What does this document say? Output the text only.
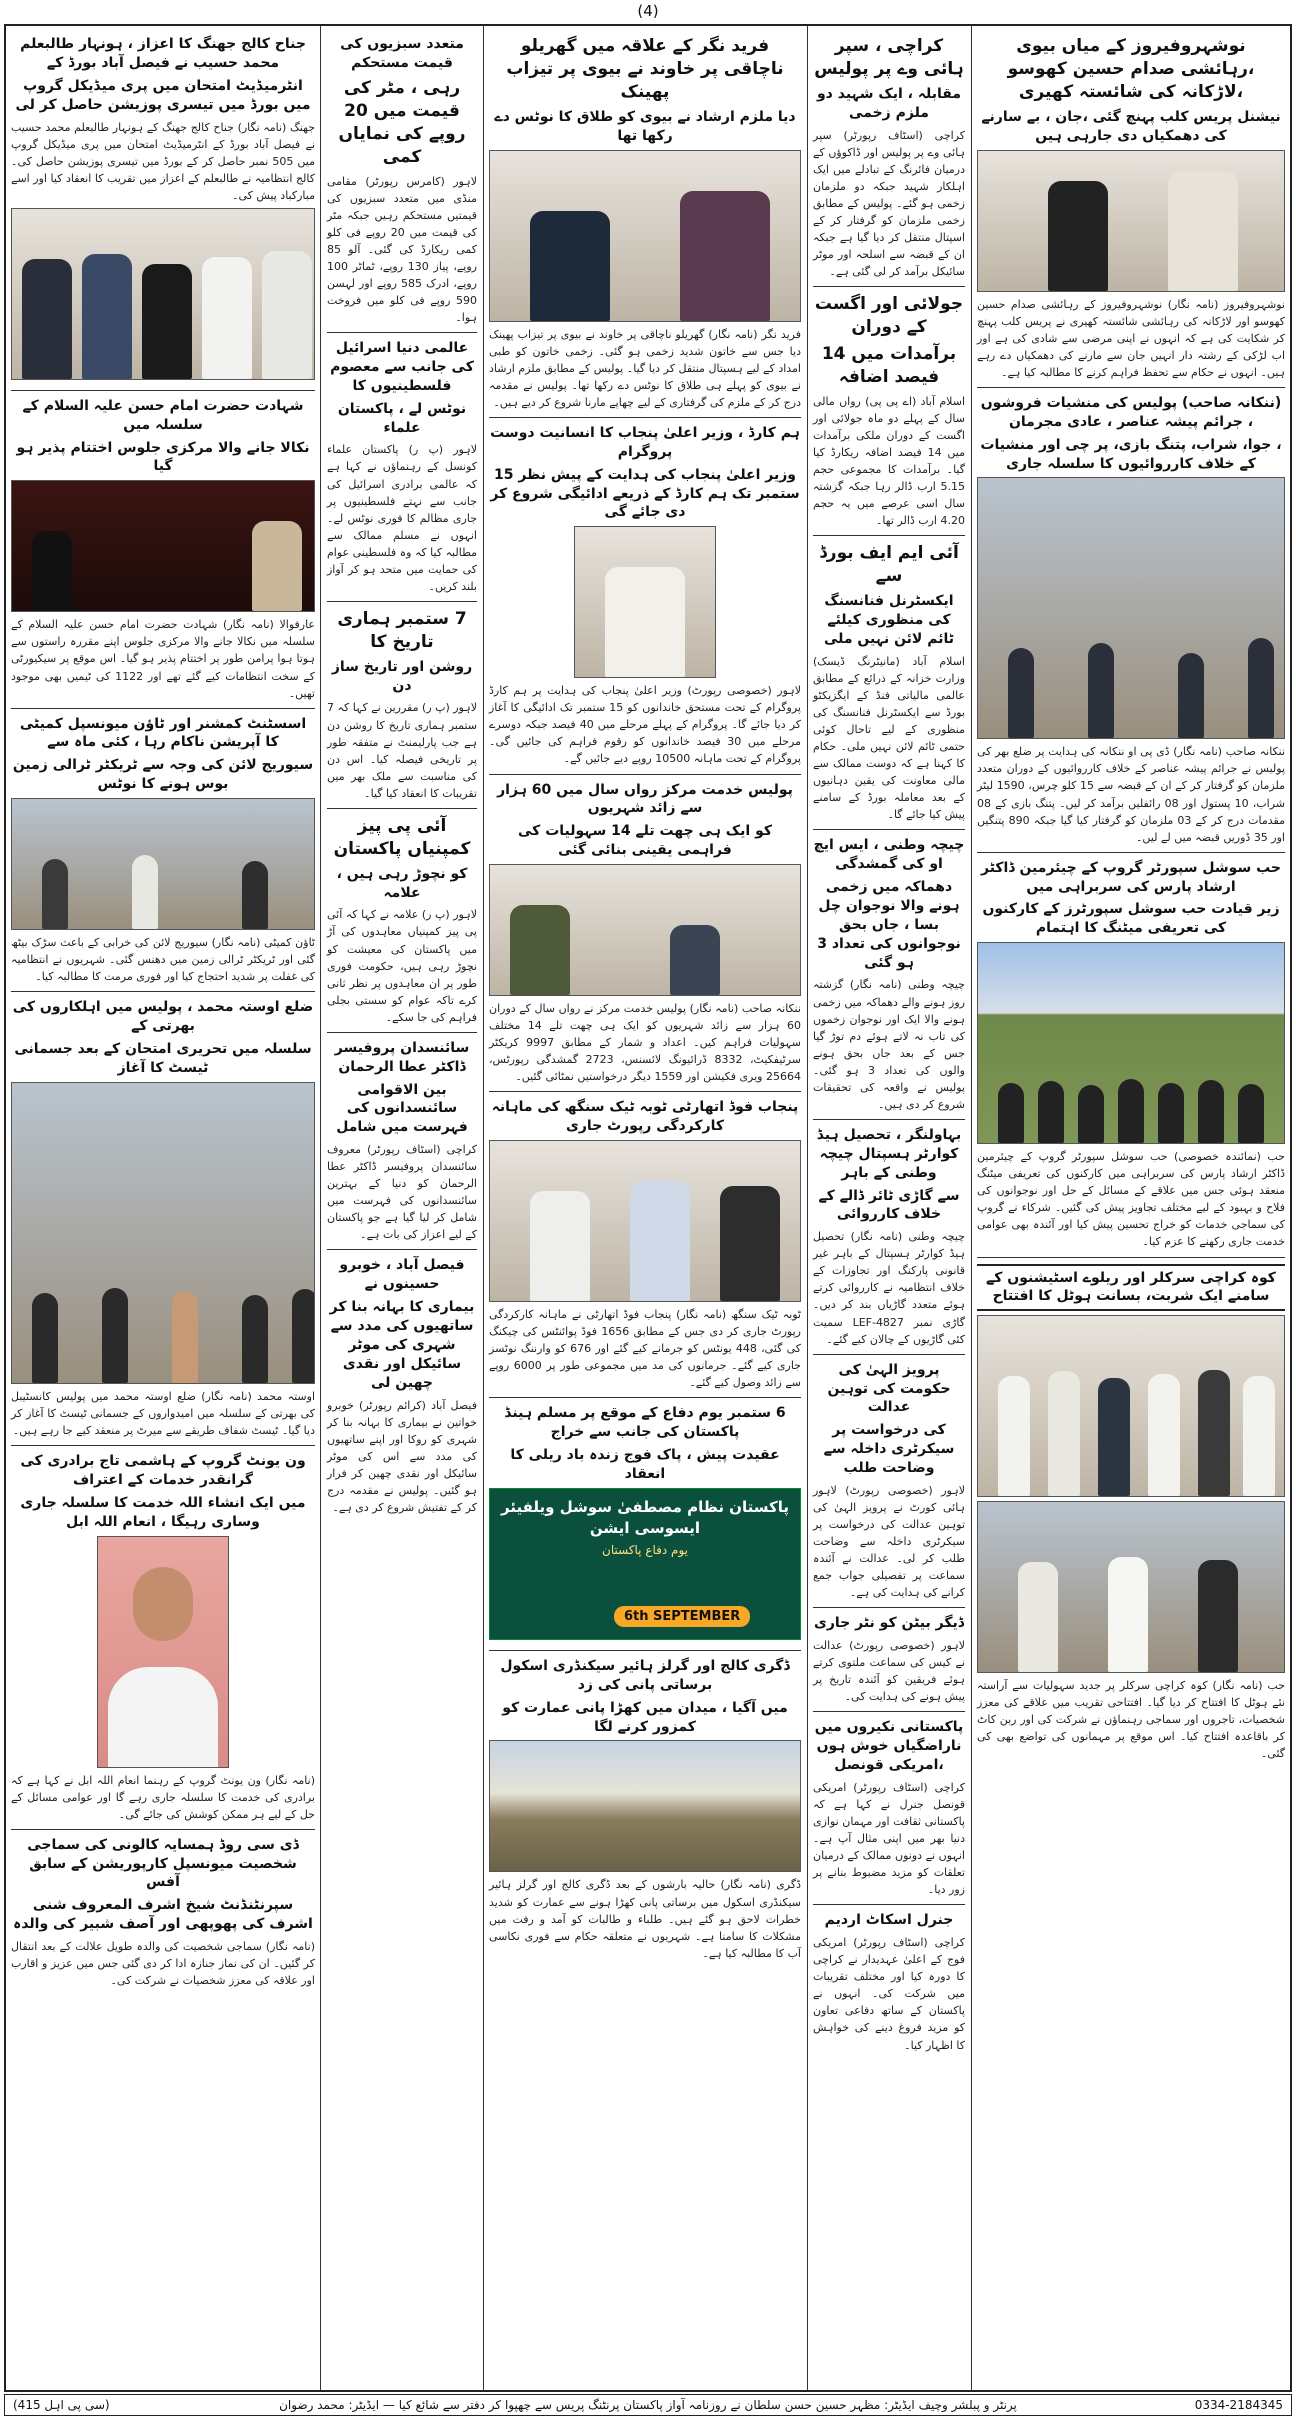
(4)
نوشہروفیروز کے میاں بیوی ،رہائشی صدام حسین کھوسو ،لاڑکانہ کی شائستہ کھیری
نیشنل پریس کلب پہنچ گئی ،جان ، بے سارنے کی دھمکیاں دی جارہی ہیں
نوشہروفیروز (نامہ نگار) نوشہروفیروز کے رہائشی صدام حسین کھوسو اور لاڑکانہ کی رہائشی شائستہ کھیری نے پریس کلب پہنچ کر شکایت کی ہے کہ انہوں نے اپنی مرضی سے شادی کی ہے اور اب لڑکی کے رشتہ دار انہیں جان سے مارنے کی دھمکیاں دے رہے ہیں۔ انہوں نے حکام سے تحفظ فراہم کرنے کا مطالبہ کیا ہے۔
(ننکانہ صاحب) پولیس کی منشیات فروشوں ، جرائم پیشہ عناصر ، عادی مجرمان
، جوا، شراب، پتنگ بازی، پر چی اور منشیات کے خلاف کارروائیوں کا سلسلہ جاری
ننکانہ صاحب (نامہ نگار) ڈی پی او ننکانہ کی ہدایت پر ضلع بھر کی پولیس نے جرائم پیشہ عناصر کے خلاف کارروائیوں کے دوران متعدد ملزمان کو گرفتار کر کے ان کے قبضہ سے 15 کلو چرس، 1590 لیٹر شراب، 10 پستول اور 08 رائفلیں برآمد کر لیں۔ پتنگ بازی کے 08 مقدمات درج کر کے 03 ملزمان کو گرفتار کیا گیا جبکہ 890 پتنگیں اور 35 ڈوریں قبضہ میں لے لیں۔
حب سوشل سپورٹر گروپ کے چیئرمین ڈاکٹر ارشاد پارس کی سربراہی میں
زیر قیادت حب سوشل سپورٹرز کے کارکنوں کی تعریفی میٹنگ کا اہتمام
حب (نمائندہ خصوصی) حب سوشل سپورٹر گروپ کے چیئرمین ڈاکٹر ارشاد پارس کی سربراہی میں کارکنوں کی تعریفی میٹنگ منعقد ہوئی جس میں علاقے کے مسائل کے حل اور نوجوانوں کی فلاح و بہبود کے لیے مختلف تجاویز پیش کی گئیں۔ شرکاء نے گروپ کی سماجی خدمات کو خراج تحسین پیش کیا اور آئندہ بھی عوامی خدمت جاری رکھنے کا عزم کیا۔
کوہ کراچی سرکلر اور ریلوے اسٹیشنوں کے سامنے ایک شربت، بسانت ہوٹل کا افتتاح
حب (نامہ نگار) کوہ کراچی سرکلر پر جدید سہولیات سے آراستہ نئے ہوٹل کا افتتاح کر دیا گیا۔ افتتاحی تقریب میں علاقے کی معزز شخصیات، تاجروں اور سماجی رہنماؤں نے شرکت کی اور ربن کاٹ کر باقاعدہ افتتاح کیا۔ اس موقع پر مہمانوں کی تواضع بھی کی گئی۔
کراچی ، سپر ہائی وے پر پولیس
مقابلہ ، ایک شہید دو ملزم زخمی
کراچی (اسٹاف رپورٹر) سپر ہائی وے پر پولیس اور ڈاکوؤں کے درمیان فائرنگ کے تبادلے میں ایک اہلکار شہید جبکہ دو ملزمان زخمی ہو گئے۔ پولیس کے مطابق زخمی ملزمان کو گرفتار کر کے اسپتال منتقل کر دیا گیا ہے جبکہ ان کے قبضہ سے اسلحہ اور موٹر سائیکل برآمد کر لی گئی ہے۔
جولائی اور اگست کے دوران
برآمدات میں 14 فیصد اضافہ
اسلام آباد (اے پی پی) رواں مالی سال کے پہلے دو ماہ جولائی اور اگست کے دوران ملکی برآمدات میں 14 فیصد اضافہ ریکارڈ کیا گیا۔ برآمدات کا مجموعی حجم 5.15 ارب ڈالر رہا جبکہ گزشتہ سال اسی عرصے میں یہ حجم 4.20 ارب ڈالر تھا۔
آئی ایم ایف بورڈ سے
ایکسٹرنل فنانسنگ کی منظوری کیلئے ٹائم لائن نہیں ملی
اسلام آباد (مانیٹرنگ ڈیسک) وزارت خزانہ کے ذرائع کے مطابق عالمی مالیاتی فنڈ کے ایگزیکٹو بورڈ سے ایکسٹرنل فنانسنگ کی منظوری کے لیے تاحال کوئی حتمی ٹائم لائن نہیں ملی۔ حکام کا کہنا ہے کہ دوست ممالک سے مالی معاونت کی یقین دہانیوں کے بعد معاملہ بورڈ کے سامنے پیش کیا جائے گا۔
چیچہ وطنی ، ایس ایچ او کی گمشدگی
دھماکہ میں زخمی ہونے والا نوجوان چل بسا ، جاں بحق نوجوانوں کی تعداد 3 ہو گئی
چیچہ وطنی (نامہ نگار) گزشتہ روز ہونے والے دھماکہ میں زخمی ہونے والا ایک اور نوجوان زخموں کی تاب نہ لاتے ہوئے دم توڑ گیا جس کے بعد جاں بحق ہونے والوں کی تعداد 3 ہو گئی۔ پولیس نے واقعہ کی تحقیقات شروع کر دی ہیں۔
بہاولنگر ، تحصیل ہیڈ کوارٹر ہسپتال چیچہ وطنی کے باہر
سے گاڑی ٹائر ڈالے کے خلاف کارروائی
چیچہ وطنی (نامہ نگار) تحصیل ہیڈ کوارٹر ہسپتال کے باہر غیر قانونی پارکنگ اور تجاوزات کے خلاف انتظامیہ نے کارروائی کرتے ہوئے متعدد گاڑیاں بند کر دیں۔ گاڑی نمبر LEF-4827 سمیت کئی گاڑیوں کے چالان کیے گئے۔
پرویز الہیٰ کی حکومت کی توہین عدالت
کی درخواست پر سیکرٹری داخلہ سے وضاحت طلب
لاہور (خصوصی رپورٹ) لاہور ہائی کورٹ نے پرویز الہیٰ کی توہین عدالت کی درخواست پر سیکرٹری داخلہ سے وضاحت طلب کر لی۔ عدالت نے آئندہ سماعت پر تفصیلی جواب جمع کرانے کی ہدایت کی ہے۔
ڈیگر بیٹن کو نٹر جاری
لاہور (خصوصی رپورٹ) عدالت نے کیس کی سماعت ملتوی کرتے ہوئے فریقین کو آئندہ تاریخ پر پیش ہونے کی ہدایت کی۔
پاکستانی نکیروں میں ناراضگیاں خوش ہوں ،امریکی قونصل
کراچی (اسٹاف رپورٹر) امریکی قونصل جنرل نے کہا ہے کہ پاکستانی ثقافت اور مہمان نوازی دنیا بھر میں اپنی مثال آپ ہے۔ انہوں نے دونوں ممالک کے درمیان تعلقات کو مزید مضبوط بنانے پر زور دیا۔
جنرل اسکاٹ اردیم
کراچی (اسٹاف رپورٹر) امریکی فوج کے اعلیٰ عہدیدار نے کراچی کا دورہ کیا اور مختلف تقریبات میں شرکت کی۔ انہوں نے پاکستان کے ساتھ دفاعی تعاون کو مزید فروغ دینے کی خواہش کا اظہار کیا۔
فرید نگر کے علاقہ میں گھریلو ناچاقی پر خاوند نے بیوی پر تیزاب پھینک
دیا ملزم ارشاد نے بیوی کو طلاق کا نوٹس دے رکھا تھا
فرید نگر (نامہ نگار) گھریلو ناچاقی پر خاوند نے بیوی پر تیزاب پھینک دیا جس سے خاتون شدید زخمی ہو گئی۔ زخمی خاتون کو طبی امداد کے لیے ہسپتال منتقل کر دیا گیا۔ پولیس کے مطابق ملزم ارشاد نے بیوی کو پہلے ہی طلاق کا نوٹس دے رکھا تھا۔ پولیس نے مقدمہ درج کر کے ملزم کی گرفتاری کے لیے چھاپے مارنا شروع کر دیے ہیں۔
ہم کارڈ ، وزیر اعلیٰ پنجاب کا انسانیت دوست پروگرام
وزیر اعلیٰ پنجاب کی ہدایت کے پیش نظر 15 ستمبر تک ہم کارڈ کے ذریعے ادائیگی شروع کر دی جائے گی
لاہور (خصوصی رپورٹ) وزیر اعلیٰ پنجاب کی ہدایت پر ہم کارڈ پروگرام کے تحت مستحق خاندانوں کو 15 ستمبر تک ادائیگی کا آغاز کر دیا جائے گا۔ پروگرام کے پہلے مرحلے میں 40 فیصد جبکہ دوسرے مرحلے میں 30 فیصد خاندانوں کو رقوم فراہم کی جائیں گی۔ پروگرام کے تحت ماہانہ 10500 روپے دیے جائیں گے۔
پولیس خدمت مرکز رواں سال میں 60 ہزار سے زائد شہریوں
کو ایک ہی چھت تلے 14 سہولیات کی فراہمی یقینی بنائی گئی
ننکانہ صاحب (نامہ نگار) پولیس خدمت مرکز نے رواں سال کے دوران 60 ہزار سے زائد شہریوں کو ایک ہی چھت تلے 14 مختلف سہولیات فراہم کیں۔ اعداد و شمار کے مطابق 9997 کریکٹر سرٹیفکیٹ، 8332 ڈرائیونگ لائسنس، 2723 گمشدگی رپورٹس، 25664 ویری فکیشن اور 1559 دیگر درخواستیں نمٹائی گئیں۔
پنجاب فوڈ اتھارٹی ٹوبہ ٹیک سنگھ کی ماہانہ کارکردگی رپورٹ جاری
ٹوبہ ٹیک سنگھ (نامہ نگار) پنجاب فوڈ اتھارٹی نے ماہانہ کارکردگی رپورٹ جاری کر دی جس کے مطابق 1656 فوڈ پوائنٹس کی چیکنگ کی گئی، 448 یونٹس کو جرمانے کیے گئے اور 676 کو وارننگ نوٹسز جاری کیے گئے۔ جرمانوں کی مد میں مجموعی طور پر 6000 روپے سے زائد وصول کیے گئے۔
6 ستمبر یوم دفاع کے موقع پر مسلم ہینڈ پاکستان کی جانب سے خراج
عقیدت پیش ، پاک فوج زندہ باد ریلی کا انعقاد
پاکستان نظام مصطفیٰ سوشل ویلفیئر ایسوسی ایشن
یوم دفاع پاکستان
6th SEPTEMBER
ڈگری کالج اور گرلز ہائیر سیکنڈری اسکول برساتی پانی کی زد
میں آگیا ، میدان میں کھڑا پانی عمارت کو کمزور کرنے لگا
ڈگری (نامہ نگار) حالیہ بارشوں کے بعد ڈگری کالج اور گرلز ہائیر سیکنڈری اسکول میں برساتی پانی کھڑا ہونے سے عمارت کو شدید خطرات لاحق ہو گئے ہیں۔ طلباء و طالبات کو آمد و رفت میں مشکلات کا سامنا ہے۔ شہریوں نے متعلقہ حکام سے فوری نکاسی آب کا مطالبہ کیا ہے۔
متعدد سبزیوں کی قیمت مستحکم
رہی ، مٹر کی قیمت میں 20 روپے کی نمایاں کمی
لاہور (کامرس رپورٹر) مقامی منڈی میں متعدد سبزیوں کی قیمتیں مستحکم رہیں جبکہ مٹر کی قیمت میں 20 روپے فی کلو کمی ریکارڈ کی گئی۔ آلو 85 روپے، پیاز 130 روپے، ٹماٹر 100 روپے، ادرک 585 روپے اور لہسن 590 روپے فی کلو میں فروخت ہوا۔
عالمی دنیا اسرائیل کی جانب سے معصوم فلسطینیوں کا
نوٹس لے ، پاکستان علماء
لاہور (پ ر) پاکستان علماء کونسل کے رہنماؤں نے کہا ہے کہ عالمی برادری اسرائیل کی جانب سے نہتے فلسطینیوں پر جاری مظالم کا فوری نوٹس لے۔ انہوں نے مسلم ممالک سے مطالبہ کیا کہ وہ فلسطینی عوام کی حمایت میں متحد ہو کر آواز بلند کریں۔
7 ستمبر ہماری تاریخ کا
روشن اور تاریخ ساز دن
لاہور (پ ر) مقررین نے کہا کہ 7 ستمبر ہماری تاریخ کا روشن دن ہے جب پارلیمنٹ نے متفقہ طور پر تاریخی فیصلہ کیا۔ اس دن کی مناسبت سے ملک بھر میں تقریبات کا انعقاد کیا گیا۔
آئی پی پیز کمپنیاں پاکستان
کو نچوڑ رہی ہیں ، علامہ
لاہور (پ ر) علامہ نے کہا کہ آئی پی پیز کمپنیاں معاہدوں کی آڑ میں پاکستان کی معیشت کو نچوڑ رہی ہیں، حکومت فوری طور پر ان معاہدوں پر نظر ثانی کرے تاکہ عوام کو سستی بجلی فراہم کی جا سکے۔
سائنسدان پروفیسر ڈاکٹر عطا الرحمان
بین الاقوامی سائنسدانوں کی فہرست میں شامل
کراچی (اسٹاف رپورٹر) معروف سائنسدان پروفیسر ڈاکٹر عطا الرحمان کو دنیا کے بہترین سائنسدانوں کی فہرست میں شامل کر لیا گیا ہے جو پاکستان کے لیے اعزاز کی بات ہے۔
فیصل آباد ، خوبرو حسینوں نے
بیماری کا بہانہ بنا کر ساتھیوں کی مدد سے شہری کی موٹر سائیکل اور نقدی چھین لی
فیصل آباد (کرائم رپورٹر) خوبرو خواتین نے بیماری کا بہانہ بنا کر شہری کو روکا اور اپنے ساتھیوں کی مدد سے اس کی موٹر سائیکل اور نقدی چھین کر فرار ہو گئیں۔ پولیس نے مقدمہ درج کر کے تفتیش شروع کر دی ہے۔
جناح کالج جھنگ کا اعزاز ، ہونہار طالبعلم محمد حسیب نے فیصل آباد بورڈ کے
انٹرمیڈیٹ امتحان میں پری میڈیکل گروپ میں بورڈ میں تیسری پوزیشن حاصل کر لی
جھنگ (نامہ نگار) جناح کالج جھنگ کے ہونہار طالبعلم محمد حسیب نے فیصل آباد بورڈ کے انٹرمیڈیٹ امتحان میں پری میڈیکل گروپ میں 505 نمبر حاصل کر کے بورڈ میں تیسری پوزیشن حاصل کی۔ کالج انتظامیہ نے طالبعلم کے اعزاز میں تقریب کا انعقاد کیا اور اسے مبارکباد پیش کی۔
شہادت حضرت امام حسن علیہ السلام کے سلسلہ میں
نکالا جانے والا مرکزی جلوس اختتام پذیر ہو گیا
عارفوالا (نامہ نگار) شہادت حضرت امام حسن علیہ السلام کے سلسلہ میں نکالا جانے والا مرکزی جلوس اپنے مقررہ راستوں سے ہوتا ہوا پرامن طور پر اختتام پذیر ہو گیا۔ اس موقع پر سیکیورٹی کے سخت انتظامات کیے گئے تھے اور 1122 کی ٹیمیں بھی موجود تھیں۔
اسسٹنٹ کمشنر اور ٹاؤن میونسپل کمیٹی کا آپریشن ناکام رہا ، کئی ماہ سے
سیوریج لائن کی وجہ سے ٹریکٹر ٹرالی زمین بوس ہونے کا نوٹس
ٹاؤن کمیٹی (نامہ نگار) سیوریج لائن کی خرابی کے باعث سڑک بیٹھ گئی اور ٹریکٹر ٹرالی زمین میں دھنس گئی۔ شہریوں نے انتظامیہ کی غفلت پر شدید احتجاج کیا اور فوری مرمت کا مطالبہ کیا۔
ضلع اوستہ محمد ، پولیس میں اہلکاروں کی بھرتی کے
سلسلہ میں تحریری امتحان کے بعد جسمانی ٹیسٹ کا آغاز
اوستہ محمد (نامہ نگار) ضلع اوستہ محمد میں پولیس کانسٹیبل کی بھرتی کے سلسلہ میں امیدواروں کے جسمانی ٹیسٹ کا آغاز کر دیا گیا۔ ٹیسٹ شفاف طریقے سے میرٹ پر منعقد کیے جا رہے ہیں۔
ون یونٹ گروپ کے ہاشمی تاج برادری کی گرانقدر خدمات کے اعتراف
میں ایک انشاء اللہ خدمت کا سلسلہ جاری وساری رہیگا ، انعام اللہ ابل
(نامہ نگار) ون یونٹ گروپ کے رہنما انعام اللہ ابل نے کہا ہے کہ برادری کی خدمت کا سلسلہ جاری رہے گا اور عوامی مسائل کے حل کے لیے ہر ممکن کوشش کی جائے گی۔
ڈی سی روڈ ہمسایہ کالونی کی سماجی شخصیت میونسپل کارپوریشن کے سابق آفس
سپرنٹنڈنٹ شیخ اشرف المعروف شنی اشرف کی پھوپھی اور آصف شبیر کی والدہ
(نامہ نگار) سماجی شخصیت کی والدہ طویل علالت کے بعد انتقال کر گئیں۔ ان کی نماز جنازہ ادا کر دی گئی جس میں عزیز و اقارب اور علاقہ کی معزز شخصیات نے شرکت کی۔
(415 سی پی اہل)	پرنٹر و پبلشر وچیف ایڈیٹر: مظہر حسین حسن سلطان نے روزنامہ آواز پاکستان پرنٹنگ پریس سے چھپوا کر دفتر سے شائع کیا — ایڈیٹر: محمد رضوان	0334-2184345
